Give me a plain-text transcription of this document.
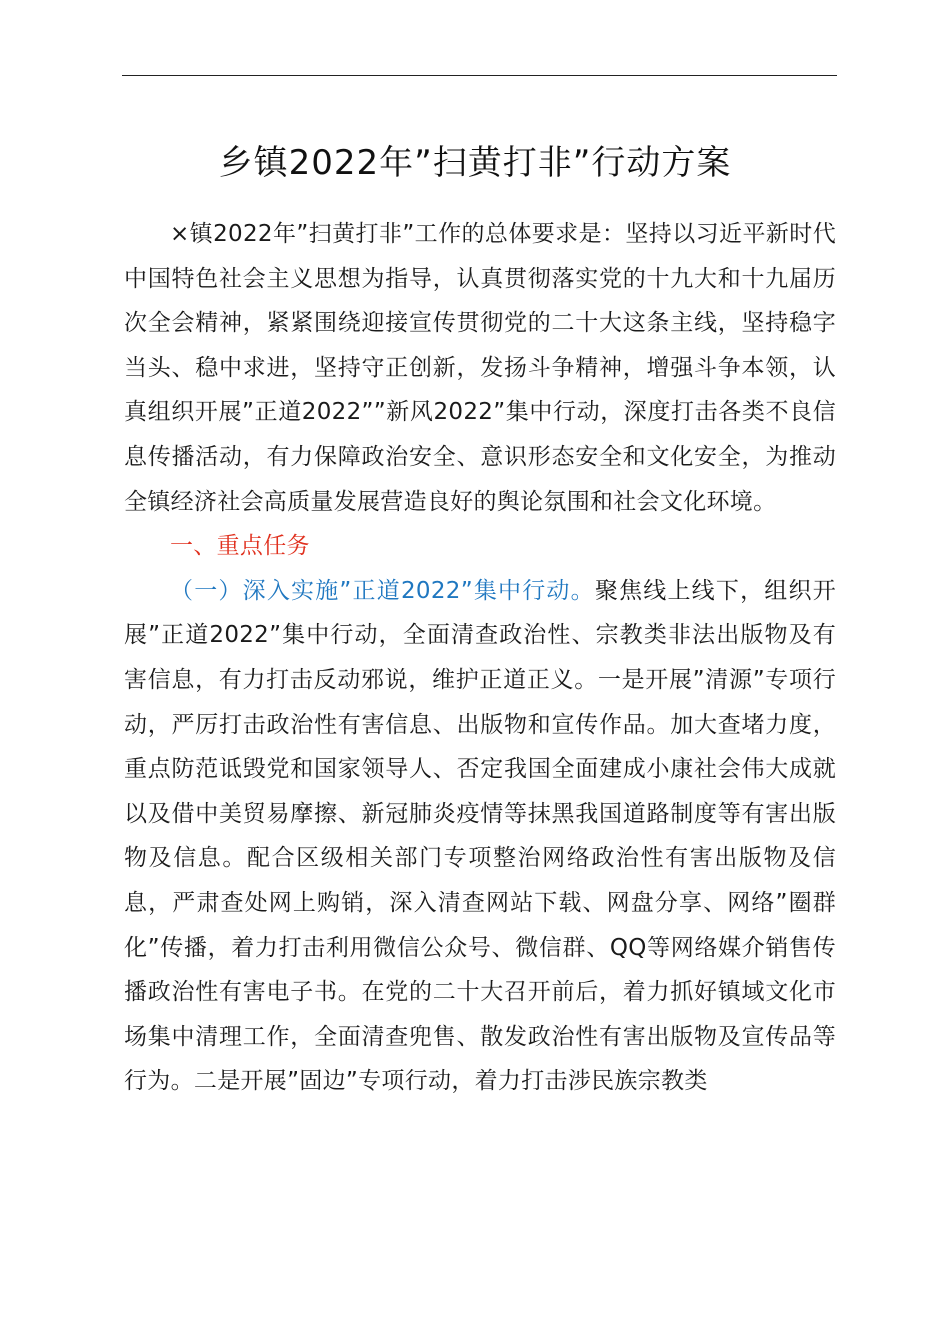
乡镇2022年”扫黄打非”行动方案

×镇2022年”扫黄打非”工作的总体要求是：坚持以习近平新时代中国特色社会主义思想为指导，认真贯彻落实党的十九大和十九届历次全会精神，紧紧围绕迎接宣传贯彻党的二十大这条主线，坚持稳字当头、稳中求进，坚持守正创新，发扬斗争精神，增强斗争本领，认真组织开展”正道2022””新风2022”集中行动，深度打击各类不良信息传播活动，有力保障政治安全、意识形态安全和文化安全，为推动全镇经济社会高质量发展营造良好的舆论氛围和社会文化环境。

一、重点任务

（一）深入实施”正道2022”集中行动。聚焦线上线下，组织开展”正道2022”集中行动，全面清查政治性、宗教类非法出版物及有害信息，有力打击反动邪说，维护正道正义。一是开展”清源”专项行动，严厉打击政治性有害信息、出版物和宣传作品。加大查堵力度，重点防范诋毁党和国家领导人、否定我国全面建成小康社会伟大成就以及借中美贸易摩擦、新冠肺炎疫情等抹黑我国道路制度等有害出版物及信息。配合区级相关部门专项整治网络政治性有害出版物及信息，严肃查处网上购销，深入清查网站下载、网盘分享、网络”圈群化”传播，着力打击利用微信公众号、微信群、QQ等网络媒介销售传播政治性有害电子书。在党的二十大召开前后，着力抓好镇域文化市场集中清理工作，全面清查兜售、散发政治性有害出版物及宣传品等行为。二是开展”固边”专项行动，着力打击涉民族宗教类
